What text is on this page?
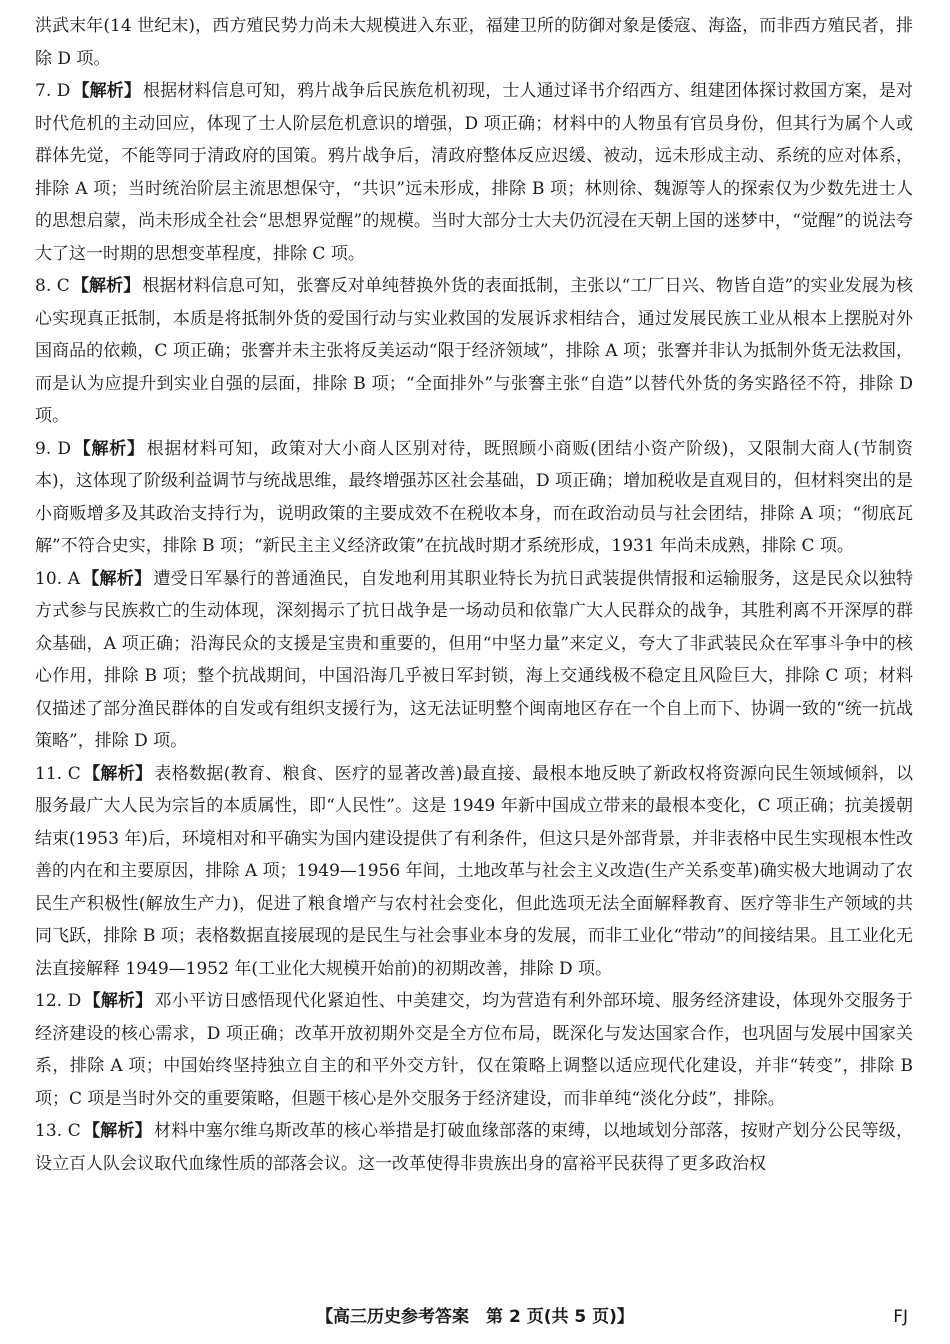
洪武末年(14 世纪末)，西方殖民势力尚未大规模进入东亚，福建卫所的防御对象是倭寇、海盗，而非西方殖民者，排除 D 项。

7. D 【解析】 根据材料信息可知，鸦片战争后民族危机初现，士人通过译书介绍西方、组建团体探讨救国方案，是对时代危机的主动回应，体现了士人阶层危机意识的增强，D 项正确；材料中的人物虽有官员身份，但其行为属个人或群体先觉，不能等同于清政府的国策。鸦片战争后，清政府整体反应迟缓、被动，远未形成主动、系统的应对体系，排除 A 项；当时统治阶层主流思想保守，“共识”远未形成，排除 B 项；林则徐、魏源等人的探索仅为少数先进士人的思想启蒙，尚未形成全社会“思想界觉醒”的规模。当时大部分士大夫仍沉浸在天朝上国的迷梦中，“觉醒”的说法夸大了这一时期的思想变革程度，排除 C 项。

8. C 【解析】 根据材料信息可知，张謇反对单纯替换外货的表面抵制，主张以“工厂日兴、物皆自造”的实业发展为核心实现真正抵制，本质是将抵制外货的爱国行动与实业救国的发展诉求相结合，通过发展民族工业从根本上摆脱对外国商品的依赖，C 项正确；张謇并未主张将反美运动“限于经济领域”，排除 A 项；张謇并非认为抵制外货无法救国，而是认为应提升到实业自强的层面，排除 B 项；“全面排外”与张謇主张“自造”以替代外货的务实路径不符，排除 D 项。

9. D 【解析】 根据材料可知，政策对大小商人区别对待，既照顾小商贩(团结小资产阶级)，又限制大商人(节制资本)，这体现了阶级利益调节与统战思维，最终增强苏区社会基础，D 项正确；增加税收是直观目的，但材料突出的是小商贩增多及其政治支持行为，说明政策的主要成效不在税收本身，而在政治动员与社会团结，排除 A 项；“彻底瓦解”不符合史实，排除 B 项；“新民主主义经济政策”在抗战时期才系统形成，1931 年尚未成熟，排除 C 项。

10. A 【解析】 遭受日军暴行的普通渔民，自发地利用其职业特长为抗日武装提供情报和运输服务，这是民众以独特方式参与民族救亡的生动体现，深刻揭示了抗日战争是一场动员和依靠广大人民群众的战争，其胜利离不开深厚的群众基础，A 项正确；沿海民众的支援是宝贵和重要的，但用“中坚力量”来定义，夸大了非武装民众在军事斗争中的核心作用，排除 B 项；整个抗战期间，中国沿海几乎被日军封锁，海上交通线极不稳定且风险巨大，排除 C 项；材料仅描述了部分渔民群体的自发或有组织支援行为，这无法证明整个闽南地区存在一个自上而下、协调一致的“统一抗战策略”，排除 D 项。

11. C 【解析】 表格数据(教育、粮食、医疗的显著改善)最直接、最根本地反映了新政权将资源向民生领域倾斜，以服务最广大人民为宗旨的本质属性，即“人民性”。这是 1949 年新中国成立带来的最根本变化，C 项正确；抗美援朝结束(1953 年)后，环境相对和平确实为国内建设提供了有利条件，但这只是外部背景，并非表格中民生实现根本性改善的内在和主要原因，排除 A 项；1949—1956 年间，土地改革与社会主义改造(生产关系变革)确实极大地调动了农民生产积极性(解放生产力)，促进了粮食增产与农村社会变化，但此选项无法全面解释教育、医疗等非生产领域的共同飞跃，排除 B 项；表格数据直接展现的是民生与社会事业本身的发展，而非工业化“带动”的间接结果。且工业化无法直接解释 1949—1952 年(工业化大规模开始前)的初期改善，排除 D 项。

12. D 【解析】 邓小平访日感悟现代化紧迫性、中美建交，均为营造有利外部环境、服务经济建设，体现外交服务于经济建设的核心需求，D 项正确；改革开放初期外交是全方位布局，既深化与发达国家合作，也巩固与发展中国家关系，排除 A 项；中国始终坚持独立自主的和平外交方针，仅在策略上调整以适应现代化建设，并非“转变”，排除 B 项；C 项是当时外交的重要策略，但题干核心是外交服务于经济建设，而非单纯“淡化分歧”，排除。

13. C 【解析】 材料中塞尔维乌斯改革的核心举措是打破血缘部落的束缚，以地域划分部落，按财产划分公民等级，设立百人队会议取代血缘性质的部落会议。这一改革使得非贵族出身的富裕平民获得了更多政治权

【高三历史参考答案　第 2 页(共 5 页)】	FJ
